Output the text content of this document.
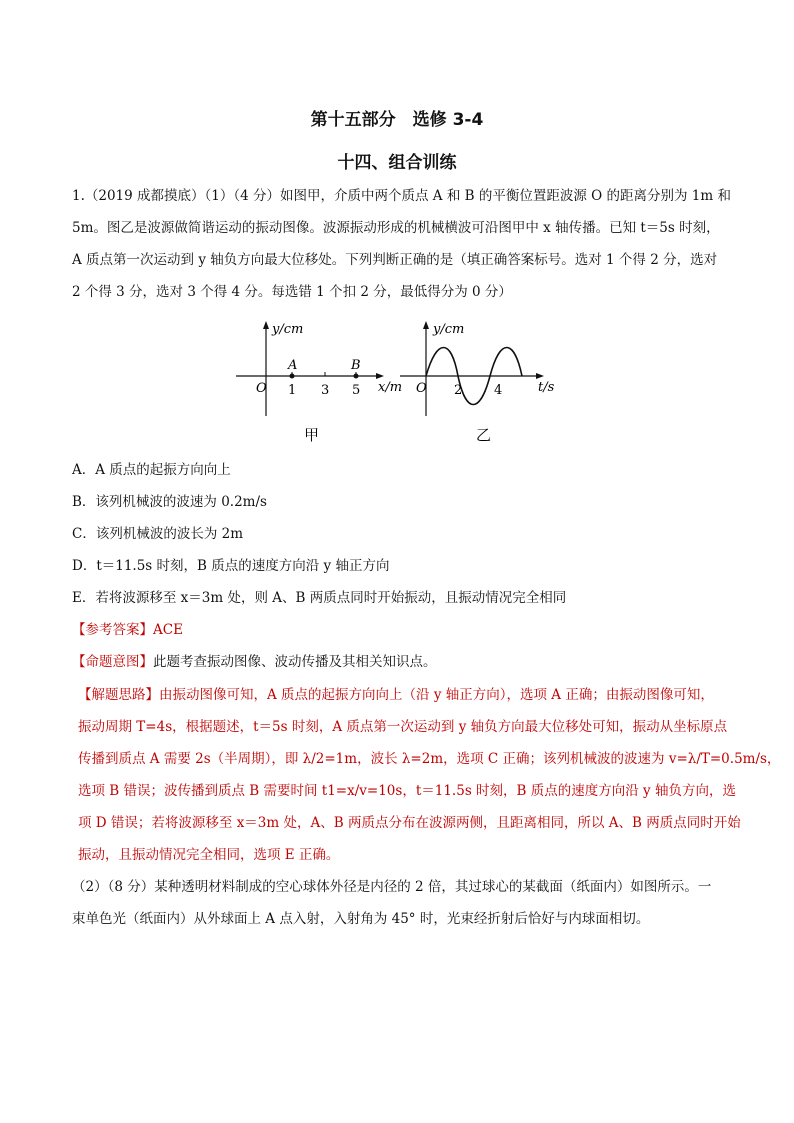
第十五部分　选修 3-4
十四、组合训练
1.（2019 成都摸底）（1）（4 分）如图甲，介质中两个质点 A 和 B 的平衡位置距波源 O 的距离分别为 1m 和
5m。图乙是波源做简谐运动的振动图像。波源振动形成的机械横波可沿图甲中 x 轴传播。已知 t＝5s 时刻，
A 质点第一次运动到 y 轴负方向最大位移处。下列判断正确的是（填正确答案标号。选对 1 个得 2 分，选对
2 个得 3 分，选对 3 个得 4 分。每选错 1 个扣 2 分，最低得分为 0 分）
y/cm
O
A	B
1 3 5 x/m
甲
y/cm
O 2 4	t/s
乙
A．A 质点的起振方向向上
B．该列机械波的波速为 0.2m/s
C．该列机械波的波长为 2m
D．t＝11.5s 时刻，B 质点的速度方向沿 y 轴正方向
E．若将波源移至 x＝3m 处，则 A、B 两质点同时开始振动，且振动情况完全相同
【参考答案】ACE
【命题意图】此题考查振动图像、波动传播及其相关知识点。
【解题思路】由振动图像可知，A 质点的起振方向向上（沿 y 轴正方向），选项 A 正确；由振动图像可知，
振动周期 T=4s，根据题述，t＝5s 时刻，A 质点第一次运动到 y 轴负方向最大位移处可知，振动从坐标原点
传播到质点 A 需要 2s（半周期），即 λ/2=1m，波长 λ=2m，选项 C 正确；该列机械波的波速为 v=λ/T=0.5m/s，
选项 B 错误；波传播到质点 B 需要时间 t1=x/v=10s，t＝11.5s 时刻，B 质点的速度方向沿 y 轴负方向，选
项 D 错误；若将波源移至 x＝3m 处，A、B 两质点分布在波源两侧，且距离相同，所以 A、B 两质点同时开始
振动，且振动情况完全相同，选项 E 正确。
（2）（8 分）某种透明材料制成的空心球体外径是内径的 2 倍，其过球心的某截面（纸面内）如图所示。一
束单色光（纸面内）从外球面上 A 点入射，入射角为 45° 时，光束经折射后恰好与内球面相切。
